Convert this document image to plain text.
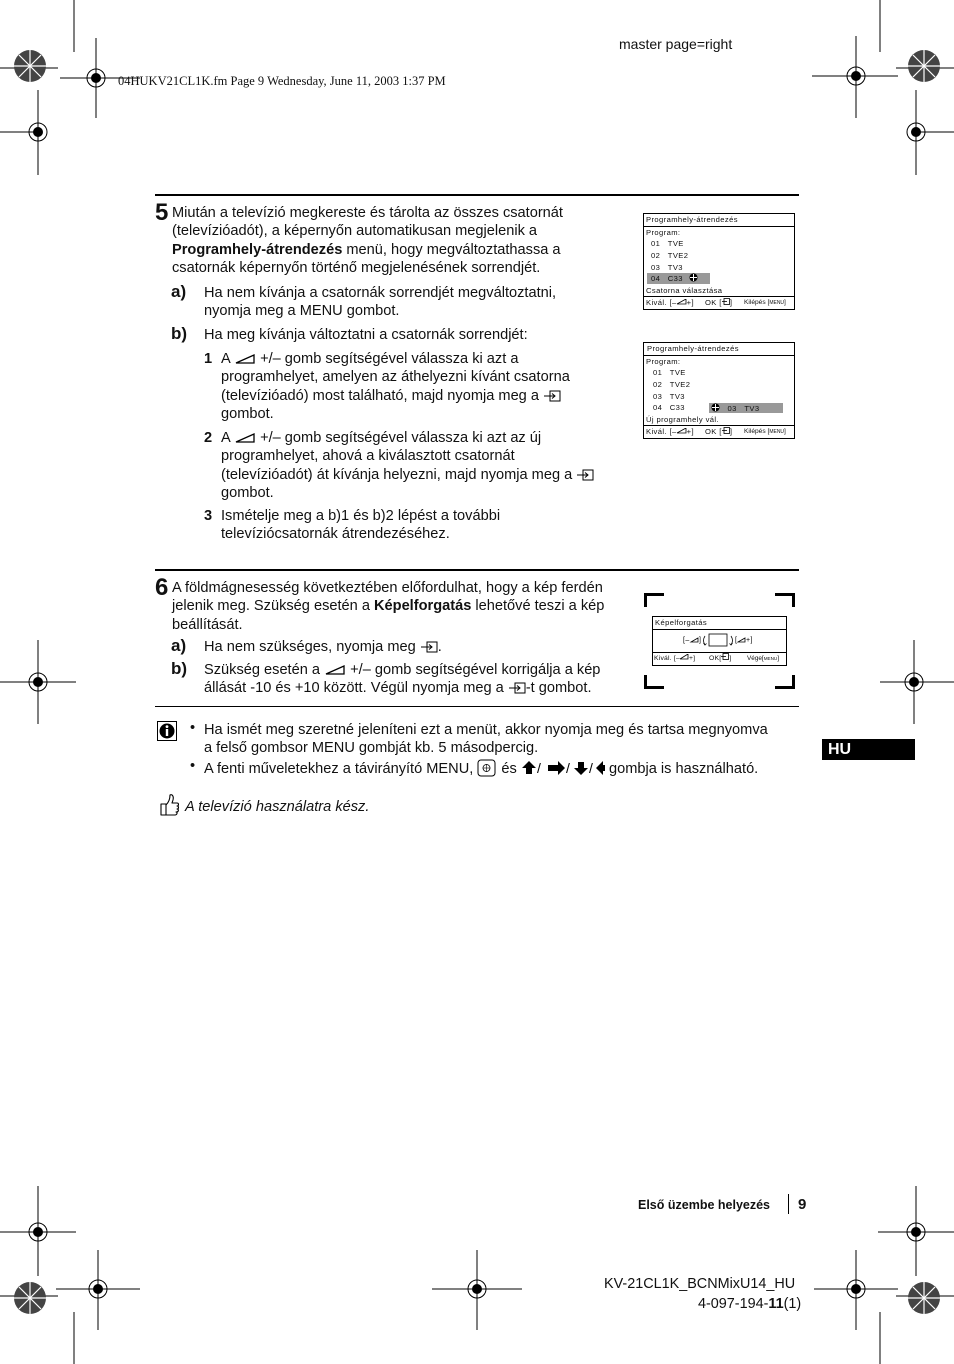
master page=right
04HUKV21CL1K.fm Page 9 Wednesday, June 11, 2003 1:37 PM
5 Miután a televízió megkereste és tárolta az összes csatornát
(televízióadót), a képernyőn automatikusan megjelenik a
Programhely-átrendezés menü, hogy megváltoztathassa a
csatornák képernyőn történő megjelenésének sorrendjét.
a) Ha nem kívánja a csatornák sorrendjét megváltoztatni,
nyomja meg a MENU gombot.
b) Ha meg kívánja változtatni a csatornák sorrendjét:
1 A +/– gomb segítségével válassza ki azt a
programhelyet, amelyen az áthelyezni kívánt csatorna
(televízióadó) most található, majd nyomja meg a
gombot.
2 A +/– gomb segítségével válassza ki azt az új
programhelyet, ahová a kiválasztott csatornát
(televízióadót) át kívánja helyezni, majd nyomja meg a
gombot.
3 Ismételje meg a b)1 és b)2 lépést a további
televíziócsatornák átrendezéséhez.
Programhely-átrendezés
Program:
01 TVE
02 TVE2
03 TV3
04 C33
Csatorna választása
Kivál. [– +] OK [ ] Kilépés [MENU]
Programhely-átrendezés
Program:
01 TVE
02 TVE2
03 TV3
04 C33	03 TV3
Új programhely vál.
Kivál. [– +] OK [ ] Kilépés [MENU]
6 A földmágnesesség következtében előfordulhat, hogy a kép ferdén
jelenik meg. Szükség esetén a Képelforgatás lehetővé teszi a kép
beállítását.
a) Ha nem szükséges, nyomja meg .
b) Szükség esetén a +/– gomb segítségével korrigálja a kép
állását -10 és +10 között. Végül nyomja meg a -t gombot.
Képelforgatás
[– ]	[ +]
Kivál. [– +] OK[ ] Vége[MENU]
• Ha ismét meg szeretné jeleníteni ezt a menüt, akkor nyomja meg és tartsa megnyomva
a felső gombsor MENU gombját kb. 5 másodpercig.
• A fenti műveletekhez a távirányító MENU, és / / / gombja is használható.
A televízió használatra kész.
HU
Első üzembe helyezés 9
KV-21CL1K_BCNMixU14_HU
4-097-194-11(1)
